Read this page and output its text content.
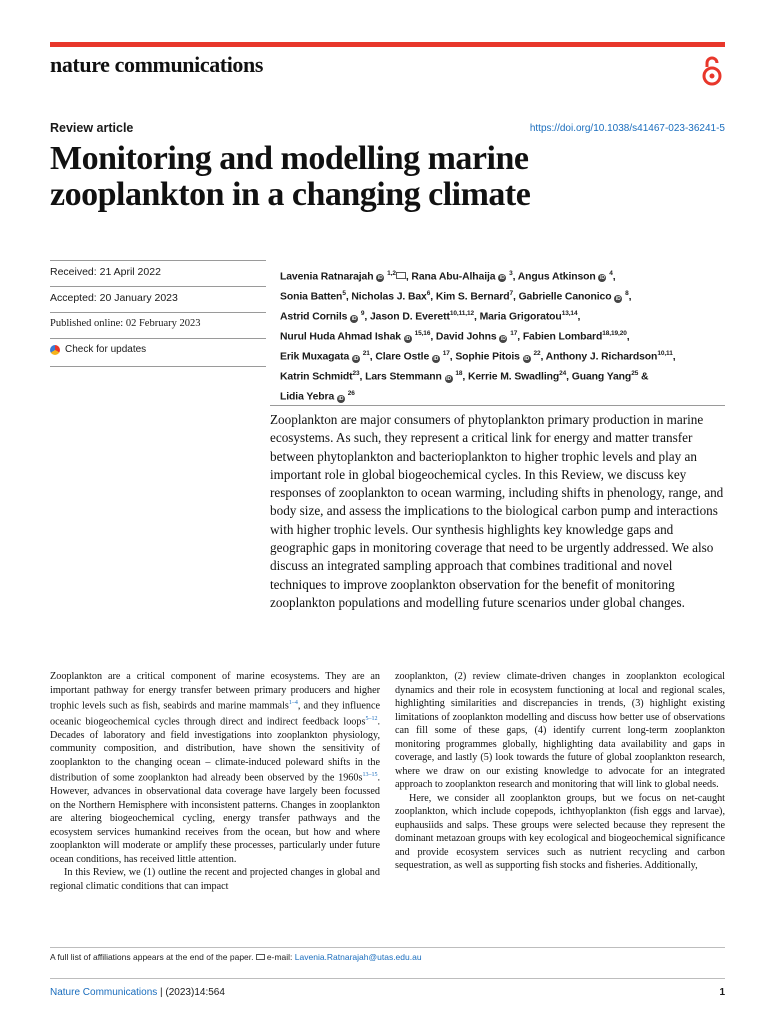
nature communications
Review article	https://doi.org/10.1038/s41467-023-36241-5
Monitoring and modelling marine
zooplankton in a changing climate
Received: 21 April 2022
Accepted: 20 January 2023
Published online: 02 February 2023
Check for updates

Lavenia Ratnarajah iD $^{1,2}$ , Rana Abu-Alhaija iD $^3$, Angus Atkinson iD $^4$,
Sonia Batten$^5$, Nicholas J. Bax$^6$, Kim S. Bernard$^7$, Gabrielle Canonico iD $^8$,
Astrid Cornils iD $^9$, Jason D. Everett$^{10,11,12}$, Maria Grigoratou$^{13,14}$,
Nurul Huda Ahmad Ishak iD $^{15,16}$, David Johns iD $^{17}$, Fabien Lombard$^{18,19,20}$,
Erik Muxagata iD $^{21}$, Clare Ostle iD $^{17}$, Sophie Pitois iD $^{22}$, Anthony J. Richardson$^{10,11}$,
Katrin Schmidt$^{23}$, Lars Stemmann iD $^{18}$, Kerrie M. Swadling$^{24}$, Guang Yang$^{25}$ &
Lidia Yebra iD $^{26}$

Zooplankton are major consumers of phytoplankton primary production in marine ecosystems. As such, they represent a critical link for energy and matter transfer between phytoplankton and bacterioplankton to higher trophic levels and play an important role in global biogeochemical cycles. In this Review, we discuss key responses of zooplankton to ocean warming, including shifts in phenology, range, and body size, and assess the implications to the biological carbon pump and interactions with higher trophic levels. Our synthesis highlights key knowledge gaps and geographic gaps in monitoring coverage that need to be urgently addressed. We also discuss an integrated sampling approach that combines traditional and novel techniques to improve zooplankton observation for the benefit of monitoring zooplankton populations and modelling future scenarios under global changes.

Zooplankton are a critical component of marine ecosystems. They are an important pathway for energy transfer between primary producers and higher trophic levels such as fish, seabirds and marine mammals$^{1-4}$, and they influence oceanic biogeochemical cycles through direct and indirect feedback loops$^{5-12}$. Decades of laboratory and field investigations into zooplankton physiology, community composition, and distribution, have shown the sensitivity of zooplankton to the changing ocean – climate-induced poleward shifts in the distribution of some zooplankton had already been observed by the $1960s^{13-15}$. However, advances in observational data coverage have largely been focussed on the Northern Hemisphere with inconsistent patterns. Changes in zooplankton are altering biogeochemical cycling, energy transfer pathways and the ecosystem services humankind receives from the ocean, but how and where zooplankton will moderate or amplify these processes, particularly under future ocean conditions, has received little attention.

In this Review, we (1) outline the recent and projected changes in global and regional climatic conditions that can impact

zooplankton, (2) review climate-driven changes in zooplankton ecological dynamics and their role in ecosystem functioning at local and regional scales, highlighting similarities and discrepancies in trends, (3) highlight existing limitations of zooplankton modelling and discuss how better use of observations can fill some of these gaps, (4) identify current long-term zooplankton monitoring programmes globally, highlighting data availability and gaps in coverage, and lastly (5) look towards the future of global zooplankton research, where we draw on our existing knowledge to advocate for an integrated approach to zooplankton research and monitoring that will link to global needs.

Here, we consider all zooplankton groups, but we focus on net-caught zooplankton, which include copepods, ichthyoplankton (fish eggs and larvae), euphausiids and salps. These groups were selected because they represent the dominant metazoan groups with key ecological and biogeochemical significance and provide ecosystem services such as nutrient recycling and carbon sequestration, as well as supporting fish stocks and fisheries. Additionally,

A full list of affiliations appears at the end of the paper. e-mail: Lavenia.Ratnarajah@utas.edu.au
Nature Communications | (2023)14:564	1
